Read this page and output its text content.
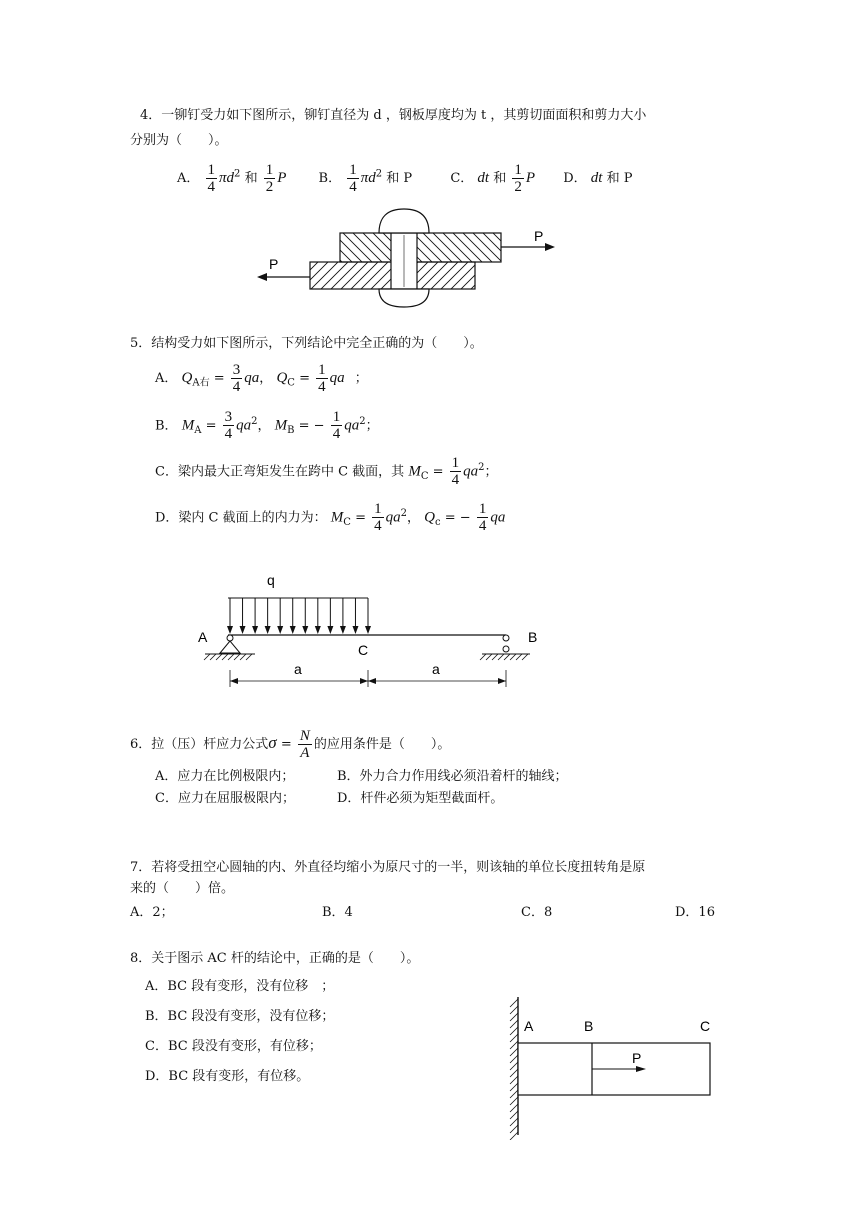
4．一铆钉受力如下图所示，铆钉直径为 d ，钢板厚度均为 t ，其剪切面面积和剪力大小
分别为（　　）。
A． $\frac{1}{4} \pi d^2$ 和 $\frac{1}{2}$ P B． $\frac{1}{4} \pi d^2$ 和 P	C． dt 和 $\frac{1}{2}$ P D． dt 和 P
P
P
5．结构受力如下图所示，下列结论中完全正确的为（　　）。
A． $Q_{A右} = \frac{3}{4}$ qa， $Q_C = \frac{1}{4}$ qa ；
B． $M_A = \frac{3}{4} qa^2$， $M_B$ = − $\frac{1}{4} qa^2$；
C．梁内最大正弯矩发生在跨中 C 截面，其 $M_C = \frac{1}{4} qa^2$；
D．梁内 C 截面上的内力为： $M_C = \frac{1}{4} qa^2$， $Q_c$ = − $\frac{1}{4}$ qa
q
A	B
C
a	a
6．拉（压）杆应力公式$\sigma = \frac{N}{A}$ 的应用条件是（　　）。
A．应力在比例极限内；	B．外力合力作用线必须沿着杆的轴线；
C．应力在屈服极限内；	D．杆件必须为矩型截面杆。
7．若将受扭空心圆轴的内、外直径均缩小为原尺寸的一半，则该轴的单位长度扭转角是原
来的（　　）倍。
A．2；	B．4	C．8	D．16
8．关于图示 AC 杆的结论中，正确的是（　　）。
A．BC 段有变形，没有位移　；
B．BC 段没有变形，没有位移；
C．BC 段没有变形，有位移；
D．BC 段有变形，有位移。
P
A	B	C
